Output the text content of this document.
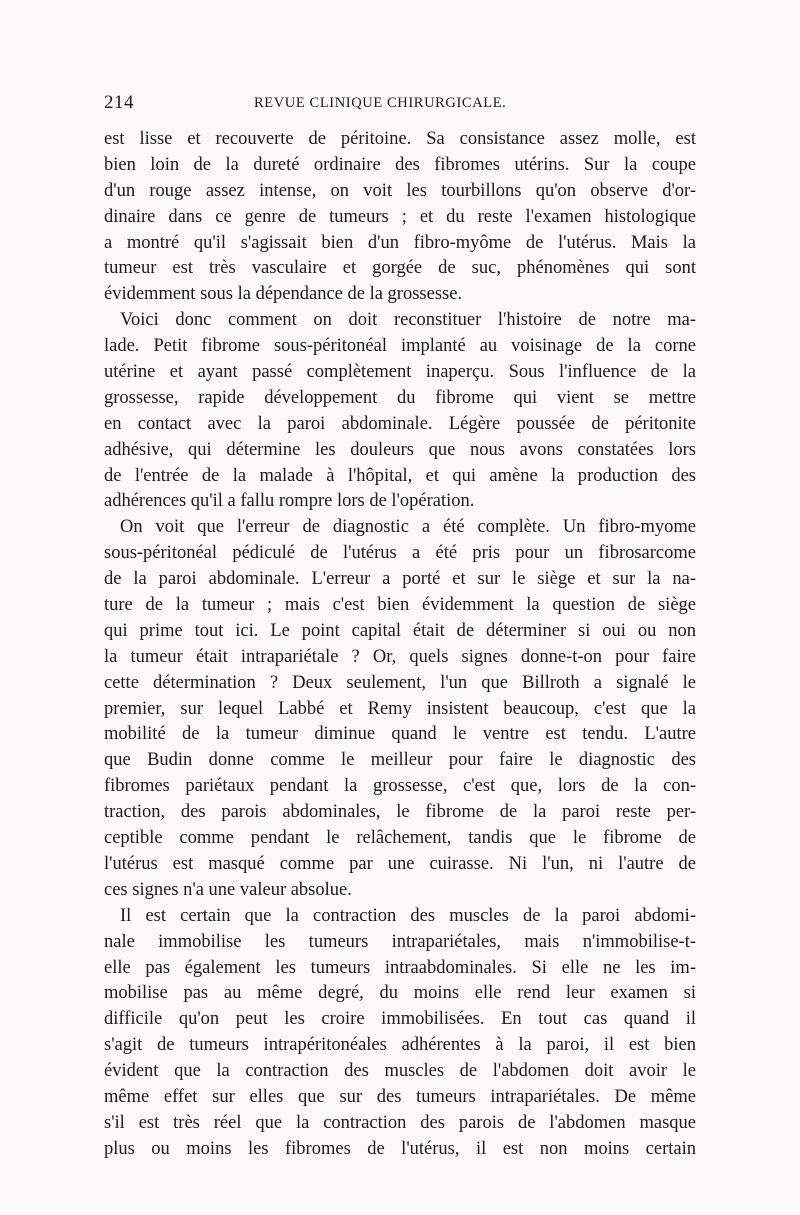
214	REVUE CLINIQUE CHIRURGICALE.
est lisse et recouverte de péritoine. Sa consistance assez molle, est
bien loin de la dureté ordinaire des fibromes utérins. Sur la coupe
d'un rouge assez intense, on voit les tourbillons qu'on observe d'or-
dinaire dans ce genre de tumeurs ; et du reste l'examen histologique
a montré qu'il s'agissait bien d'un fibro-myôme de l'utérus. Mais la
tumeur est très vasculaire et gorgée de suc, phénomènes qui sont
évidemment sous la dépendance de la grossesse.
Voici donc comment on doit reconstituer l'histoire de notre ma-
lade. Petit fibrome sous-péritonéal implanté au voisinage de la corne
utérine et ayant passé complètement inaperçu. Sous l'influence de la
grossesse, rapide développement du fibrome qui vient se mettre
en contact avec la paroi abdominale. Légère poussée de péritonite
adhésive, qui détermine les douleurs que nous avons constatées lors
de l'entrée de la malade à l'hôpital, et qui amène la production des
adhérences qu'il a fallu rompre lors de l'opération.
On voit que l'erreur de diagnostic a été complète. Un fibro-myome
sous-péritonéal pédiculé de l'utérus a été pris pour un fibrosarcome
de la paroi abdominale. L'erreur a porté et sur le siège et sur la na-
ture de la tumeur ; mais c'est bien évidemment la question de siège
qui prime tout ici. Le point capital était de déterminer si oui ou non
la tumeur était intrapariétale ? Or, quels signes donne-t-on pour faire
cette détermination ? Deux seulement, l'un que Billroth a signalé le
premier, sur lequel Labbé et Remy insistent beaucoup, c'est que la
mobilité de la tumeur diminue quand le ventre est tendu. L'autre
que Budin donne comme le meilleur pour faire le diagnostic des
fibromes pariétaux pendant la grossesse, c'est que, lors de la con-
traction, des parois abdominales, le fibrome de la paroi reste per-
ceptible comme pendant le relâchement, tandis que le fibrome de
l'utérus est masqué comme par une cuirasse. Ni l'un, ni l'autre de
ces signes n'a une valeur absolue.
Il est certain que la contraction des muscles de la paroi abdomi-
nale immobilise les tumeurs intrapariétales, mais n'immobilise-t-
elle pas également les tumeurs intraabdominales. Si elle ne les im-
mobilise pas au même degré, du moins elle rend leur examen si
difficile qu'on peut les croire immobilisées. En tout cas quand il
s'agit de tumeurs intrapéritonéales adhérentes à la paroi, il est bien
évident que la contraction des muscles de l'abdomen doit avoir le
même effet sur elles que sur des tumeurs intrapariétales. De même
s'il est très réel que la contraction des parois de l'abdomen masque
plus ou moins les fibromes de l'utérus, il est non moins certain
